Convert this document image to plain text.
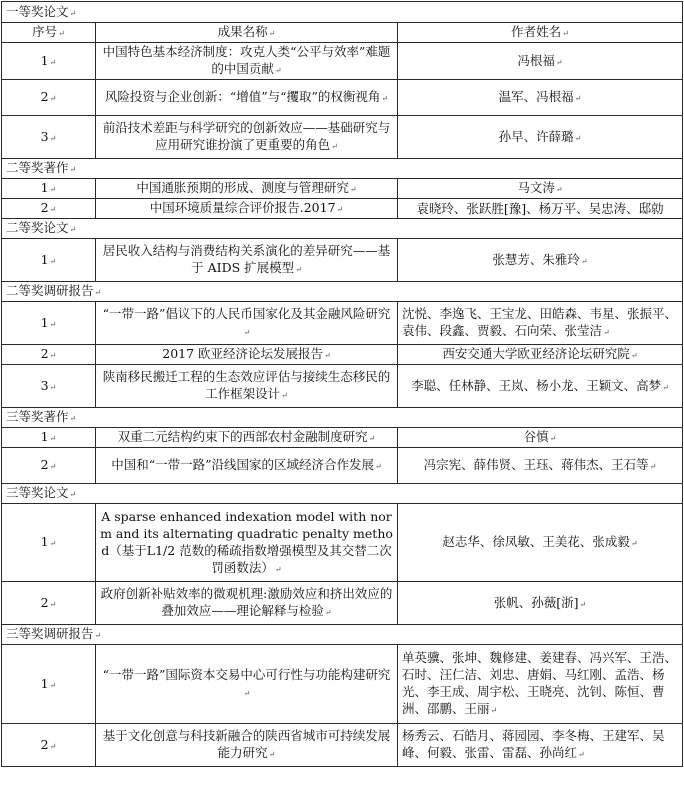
一等奖论文↵		
序号↵	成果名称↵	作者姓名↵
1↵	中国特色基本经济制度：攻克人类“公平与效率”难题的中国贡献↵	冯根福↵
2↵	风险投资与企业创新：“增值”与“攫取”的权衡视角↵	温军、冯根福↵
3↵	前沿技术差距与科学研究的创新效应——基础研究与应用研究谁扮演了更重要的角色↵	孙早、许薛璐↵
二等奖著作↵		
1↵	中国通胀预期的形成、测度与管理研究↵	马文涛↵
2↵	中国环境质量综合评价报告.2017↵	袁晓玲、张跃胜[豫]、杨万平、吴忠涛、邸勍
二等奖论文↵		
1↵	居民收入结构与消费结构关系演化的差异研究——基于 AIDS 扩展模型↵	张慧芳、朱雅玲↵
二等奖调研报告↵		
1↵	“一带一路”倡议下的人民币国家化及其金融风险研究↵	沈悦、李逸飞、王宝龙、田皓森、韦星、张振平、袁伟、段鑫、贾毅、石向荣、张莹洁↵
2↵	2017 欧亚经济论坛发展报告↵	西安交通大学欧亚经济论坛研究院↵
3↵	陕南移民搬迁工程的生态效应评估与接续生态移民的工作框架设计↵	李聪、任林静、王岚、杨小龙、王颖文、高梦↵
三等奖著作↵		
1↵	双重二元结构约束下的西部农村金融制度研究↵	谷慎↵
2↵	中国和“一带一路”沿线国家的区域经济合作发展↵	冯宗宪、薛伟贤、王珏、蒋伟杰、王石等↵
三等奖论文↵		
1↵	A sparse enhanced indexation model with norm and its alternating quadratic penalty method（基于L1/2 范数的稀疏指数增强模型及其交替二次罚函数法）↵	赵志华、徐凤敏、王美花、张成毅↵
2↵	政府创新补贴效率的微观机理:激励效应和挤出效应的叠加效应——理论解释与检验↵	张帆、孙薇[浙]↵
三等奖调研报告↵		
1↵	“一带一路”国际资本交易中心可行性与功能构建研究↵	单英骥、张坤、魏修建、姜建春、冯兴军、王浩、石时、汪仁洁、刘忠、唐娟、马红刚、孟浩、杨光、李王成、周宇松、王晓亮、沈钊、陈恒、曹洲、邵鹏、王丽↵
2↵	基于文化创意与科技新融合的陕西省城市可持续发展能力研究↵	杨秀云、石皓月、蒋园园、李冬梅、王建军、吴峰、何毅、张雷、雷磊、孙尚红↵
